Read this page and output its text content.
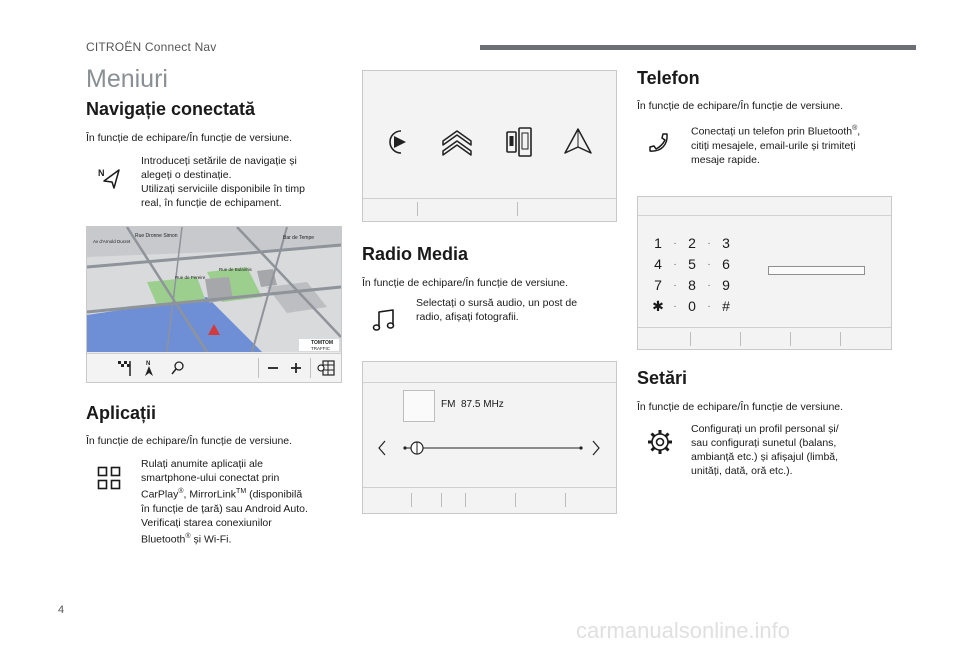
CITROËN Connect Nav
Meniuri
Navigație conectată
În funcție de echipare/În funcție de versiune.
N
Introduceți setările de navigație și
alegeți o destinație.
Utilizați serviciile disponibile în timp
real, în funcție de echipament.
Rue Dronne Simon	Bar de Tempe
Av d'Arnold Ducret
Rue de Pereire
Rue de Bulaimis
TOMTOM
TRAFFIC
N
Aplicații
În funcție de echipare/În funcție de versiune.
Rulați anumite aplicații ale
smartphone-ului conectat prin
CarPlay®, MirrorLink™ (disponibilă
în funcție de țară) sau Android Auto.
Verificați starea conexiunilor
Bluetooth® și Wi-Fi.
Radio Media
În funcție de echipare/În funcție de versiune.
Selectați o sursă audio, un post de
radio, afișați fotografii.
FM  87.5 MHz
Telefon
În funcție de echipare/În funcție de versiune.
Conectați un telefon prin Bluetooth®,
citiți mesajele, email-urile și trimiteți
mesaje rapide.
1	· 2	· 3
4	· 5	· 6
7	· 8	· 9
✱ · 0	· #
Setări
În funcție de echipare/În funcție de versiune.
Configurați un profil personal și/
sau configurați sunetul (balans,
ambianță etc.) și afișajul (limbă,
unități, dată, oră etc.).
4
carmanualsonline.info
